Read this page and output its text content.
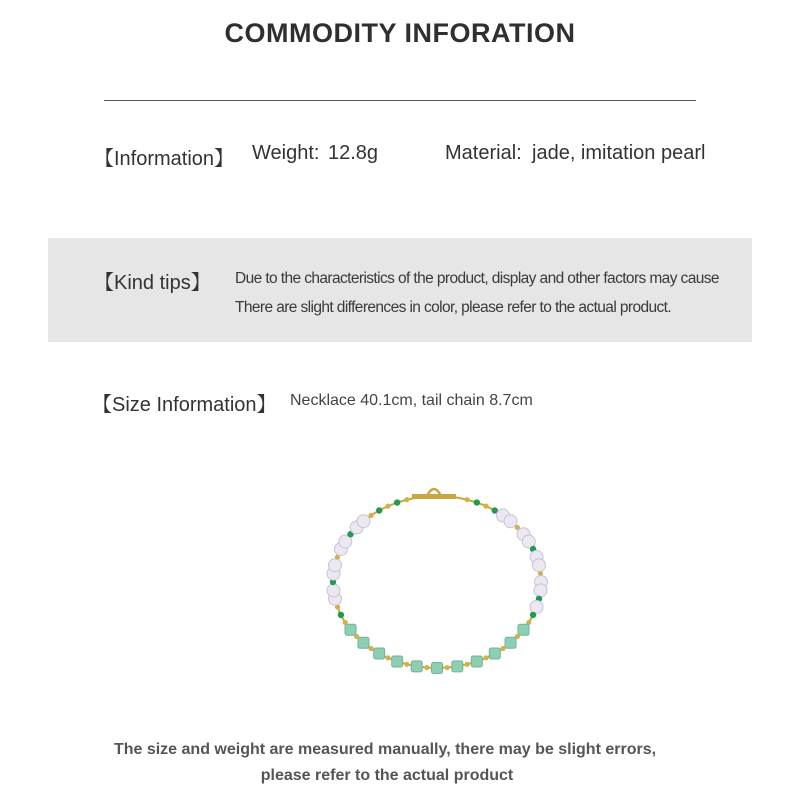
COMMODITY INFORATION
【Information】 Weight: 12.8g	Material: jade, imitation pearl
【Kind tips】 Due to the characteristics of the product, display and other factors may cause
There are slight differences in color, please refer to the actual product.
【Size Information】 Necklace 40.1cm, tail chain 8.7cm
The size and weight are measured manually, there may be slight errors,
please refer to the actual product
